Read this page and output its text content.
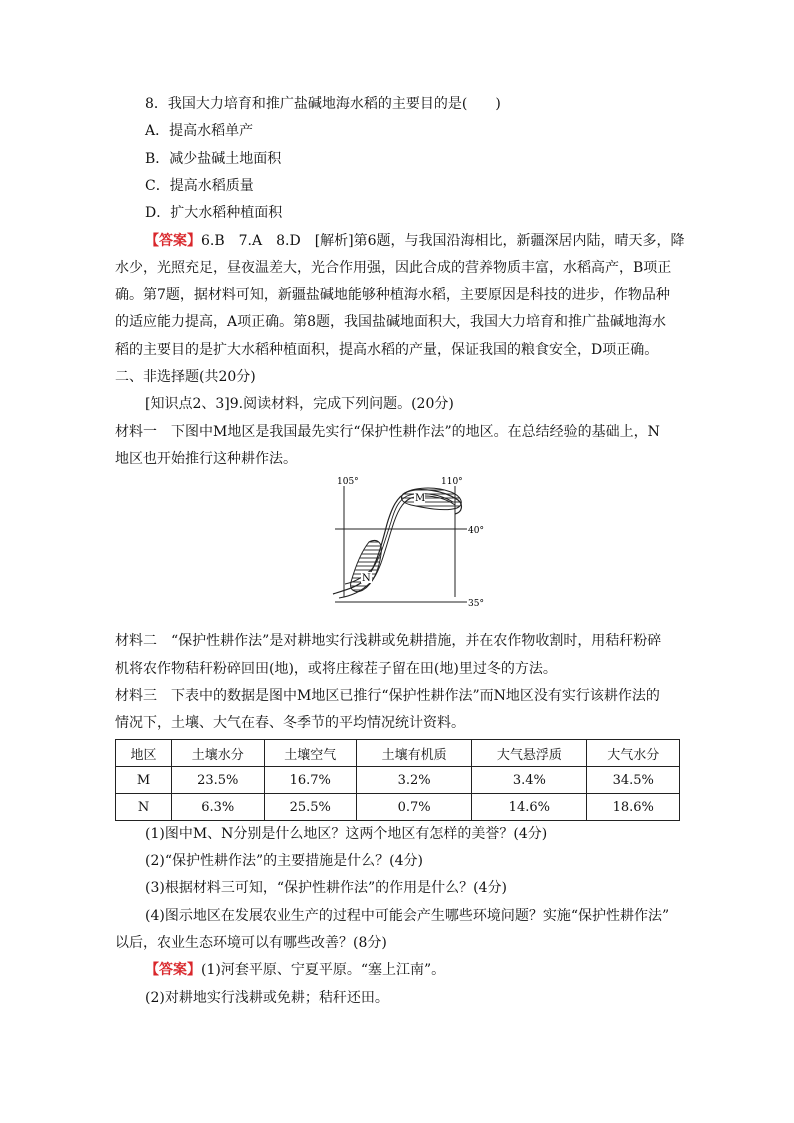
8．我国大力培育和推广盐碱地海水稻的主要目的是(　　)
A．提高水稻单产
B．减少盐碱土地面积
C．提高水稻质量
D．扩大水稻种植面积
【答案】6.B　7.A　8.D　[解析]第6题，与我国沿海相比，新疆深居内陆，晴天多，降
水少，光照充足，昼夜温差大，光合作用强，因此合成的营养物质丰富，水稻高产，B项正
确。第7题，据材料可知，新疆盐碱地能够种植海水稻，主要原因是科技的进步，作物品种
的适应能力提高，A项正确。第8题，我国盐碱地面积大，我国大力培育和推广盐碱地海水
稻的主要目的是扩大水稻种植面积，提高水稻的产量，保证我国的粮食安全，D项正确。
二、非选择题(共20分)
[知识点2、3]9.阅读材料，完成下列问题。(20分)
材料一　下图中M地区是我国最先实行“保护性耕作法”的地区。在总结经验的基础上，N
地区也开始推行这种耕作法。
M
N
105°	110°
40°
35°
材料二　“保护性耕作法”是对耕地实行浅耕或免耕措施，并在农作物收割时，用秸秆粉碎
机将农作物秸秆粉碎回田(地)，或将庄稼茬子留在田(地)里过冬的方法。
材料三　下表中的数据是图中M地区已推行“保护性耕作法”而N地区没有实行该耕作法的
情况下，土壤、大气在春、冬季节的平均情况统计资料。
地区	土壤水分	土壤空气	土壤有机质	大气悬浮质	大气水分
M	23.5%	16.7%	3.2%	3.4%	34.5%
N	6.3%	25.5%	0.7%	14.6%	18.6%
(1)图中M、N分别是什么地区？这两个地区有怎样的美誉？(4分)
(2)“保护性耕作法”的主要措施是什么？(4分)
(3)根据材料三可知，“保护性耕作法”的作用是什么？(4分)
(4)图示地区在发展农业生产的过程中可能会产生哪些环境问题？实施“保护性耕作法”
以后，农业生态环境可以有哪些改善？(8分)
【答案】(1)河套平原、宁夏平原。“塞上江南”。
(2)对耕地实行浅耕或免耕；秸秆还田。
